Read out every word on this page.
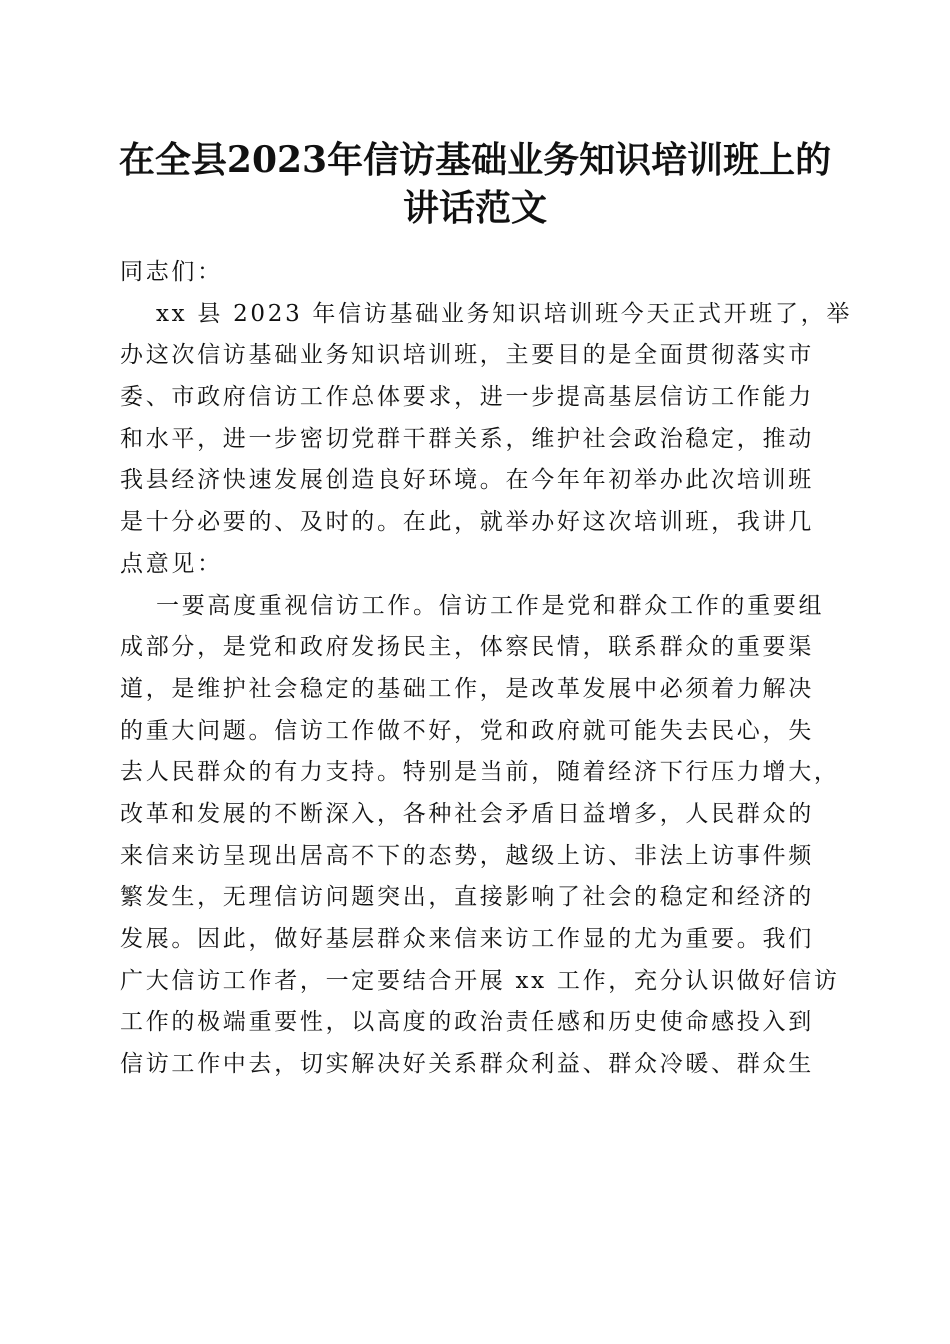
在全县2023年信访基础业务知识培训班上的
讲话范文
同志们：
xx 县 2023 年信访基础业务知识培训班今天正式开班了，举
办这次信访基础业务知识培训班，主要目的是全面贯彻落实市
委、市政府信访工作总体要求，进一步提高基层信访工作能力
和水平，进一步密切党群干群关系，维护社会政治稳定，推动
我县经济快速发展创造良好环境。在今年年初举办此次培训班
是十分必要的、及时的。在此，就举办好这次培训班，我讲几
点意见：
一要高度重视信访工作。信访工作是党和群众工作的重要组
成部分，是党和政府发扬民主，体察民情，联系群众的重要渠
道，是维护社会稳定的基础工作，是改革发展中必须着力解决
的重大问题。信访工作做不好，党和政府就可能失去民心，失
去人民群众的有力支持。特别是当前，随着经济下行压力增大，
改革和发展的不断深入，各种社会矛盾日益增多，人民群众的
来信来访呈现出居高不下的态势，越级上访、非法上访事件频
繁发生，无理信访问题突出，直接影响了社会的稳定和经济的
发展。因此，做好基层群众来信来访工作显的尤为重要。我们
广大信访工作者，一定要结合开展 xx 工作，充分认识做好信访
工作的极端重要性，以高度的政治责任感和历史使命感投入到
信访工作中去，切实解决好关系群众利益、群众冷暖、群众生
